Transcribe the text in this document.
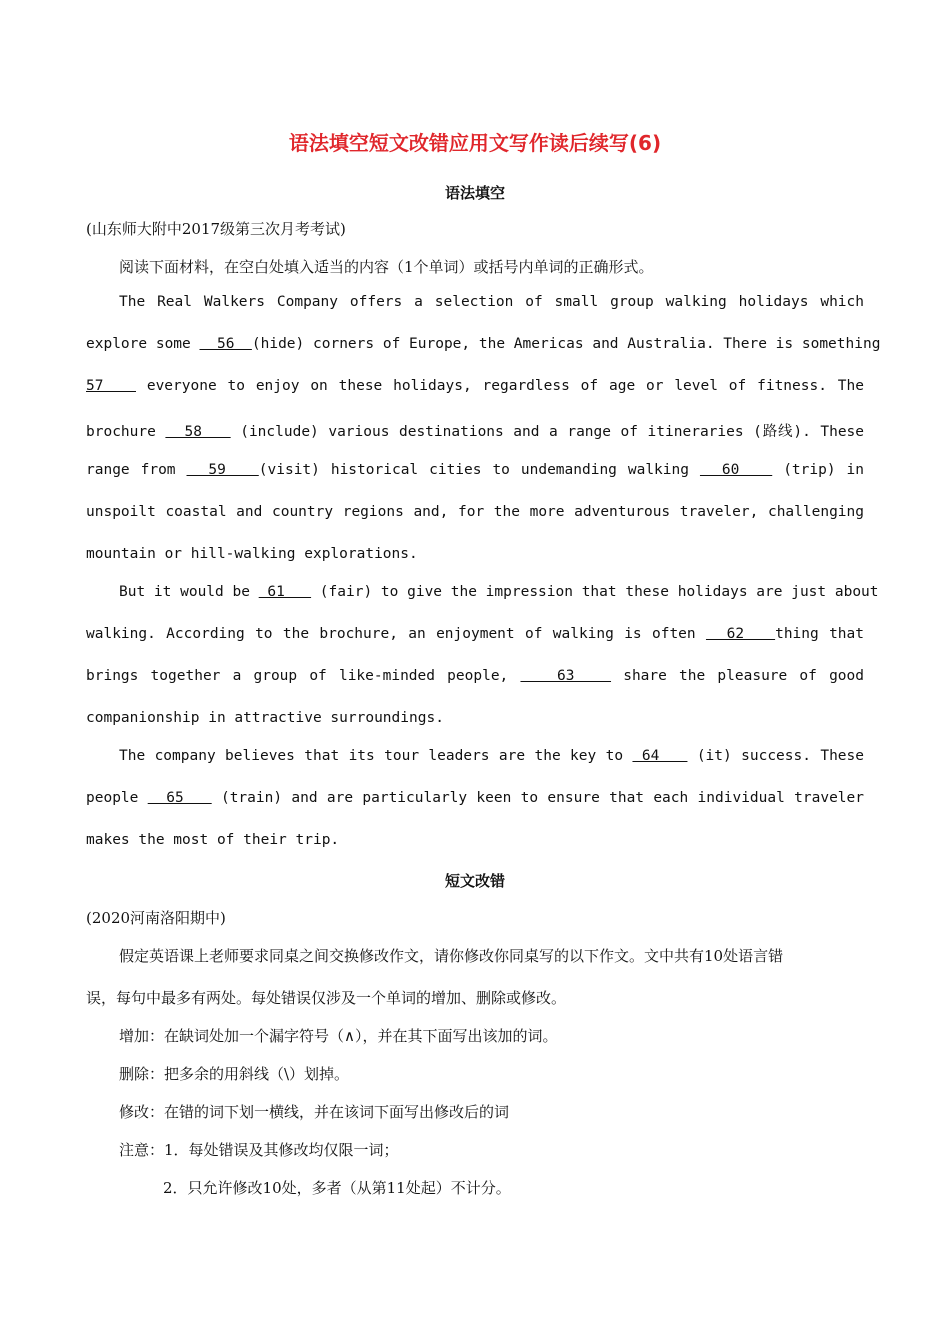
语法填空短文改错应用文写作读后续写(6)
语法填空
(山东师大附中2017级第三次月考考试)
阅读下面材料，在空白处填入适当的内容（1个单词）或括号内单词的正确形式。
The Real Walkers Company offers a selection of small group walking holidays which
explore some   56  (hide) corners of Europe, the Americas and Australia. There is something
57    everyone to enjoy on these holidays, regardless of age or level of fitness. The
brochure   58    (include) various destinations and a range of itineraries (路线). These
range from   59   (visit) historical cities to undemanding walking   60    (trip) in
unspoilt coastal and country regions and, for the more adventurous traveler, challenging
mountain or hill-walking explorations.
But it would be  61    (fair) to give the impression that these holidays are just about
walking. According to the brochure, an enjoyment of walking is often   62   thing that
brings together a group of like-minded people,    63    share the pleasure of good
companionship in attractive surroundings.
The company believes that its tour leaders are the key to  64    (it) success. These
people   65    (train) and are particularly keen to ensure that each individual traveler
makes the most of their trip.
短文改错
(2020河南洛阳期中)
假定英语课上老师要求同桌之间交换修改作文，请你修改你同桌写的以下作文。文中共有10处语言错
误，每句中最多有两处。每处错误仅涉及一个单词的增加、删除或修改。
增加：在缺词处加一个漏字符号（∧），并在其下面写出该加的词。
删除：把多余的用斜线（\）划掉。
修改：在错的词下划一横线，并在该词下面写出修改后的词
注意：1．每处错误及其修改均仅限一词；
2．只允许修改10处，多者（从第11处起）不计分。
